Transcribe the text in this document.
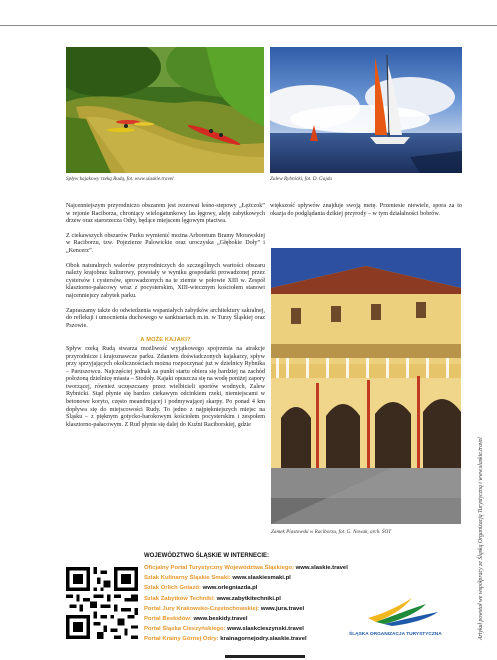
Spływ kajakowy rzeką Rudą, fot. www.slaskie.travel	Zalew Rybnicki, fot. D. Gajda
Zamek Piastowski w Raciborzu, fot. G. Nowak, arch. ŚOT

Najcenniejszym przyrodniczo obszarem jest rezerwat leśno-stepowy „Łężczok” w rejonie Raciborza, chroniący wielogatunkowy las łęgowy, aleję zabytkowych drzew oraz starorzecza Odry, będące miejscem lęgowym ptactwa.

Z ciekawszych obszarów Parku wymienić można Arboretum Bramy Morawskiej w Raciborzu, tzw. Pojezierze Palowickie oraz uroczyska „Głębokie Doły” i „Kencerz”.

Obok naturalnych walorów przyrodniczych do szczególnych wartości obszaru należy krajobraz kulturowy, powstały w wyniku gospodarki prowadzonej przez cystersów i cystersów, sprowadzonych na te ziemie w połowie XIII w. Zespół klasztorno-pałacowy wraz z pocysterskim, XIII-wiecznym kościołem stanowi najcenniejszy zabytek parku.

Zapraszamy także do odwiedzenia wspaniałych zabytków architektury sakralnej, do refleksji i umocnienia duchowego w sanktuariach m.in. w Turzy Śląskiej oraz Pszowie.

A MOŻE KAJAKI?

Spływ rzeką Rudą stwarza możliwość wyjątkowego spojrzenia na atrakcje przyrodnicze i krajoznawcze parku. Zdaniem doświadczonych kajakarzy, spływ przy sprzyjających okolicznościach można rozpoczynać już w dzielnicy Rybnika – Paruszowcu. Najczęściej jednak za punkt startu obiera się bardziej na zachód położoną dzielnicę miasta – Stodoły. Kajaki opuszcza się na wodę poniżej zapory tworzącej, również uczęszczany przez wielbicieli sportów wodnych, Zalew Rybnicki. Stąd płynie się bardzo ciekawym odcinkiem rzeki, niemiejscami w betonowe koryto, często meandrującej i podmywającej skarpy. Po ponad 4 km dopływa się do miejscowości Rudy. To jedno z najpiękniejszych miejsc na Śląsku – z pięknym gotycko-barokowym kościołem pocysterskim i zespołem klasztorno-pałacowym. Z Rud płynie się dalej do Kuźni Raciborskiej, gdzie

większość spływów znajduje swoją metę. Przeniesie niewiele, spora za to okazja do podglądania dzikiej przyrody – w tym działalności bobrów.

Artykuł powstał we współpracy ze Śląską Organizacją Turystyczną i www.slaskie.travel
WOJEWÓDZTWO ŚLĄSKIE W INTERNECIE:
Oficjalny Portal Turystyczny Województwa Śląskiego: www.slaskie.travel
Szlak Kulinarny Śląskie Smaki: www.slaskiesmaki.pl
Szlak Orlich Gniazd: www.orlegniazda.pl
Szlak Zabytków Techniki: www.zabytkitechniki.pl
Portal Jury Krakowsko-Częstochowskiej: www.jura.travel
Portal Beskidów: www.beskidy.travel
Portal Śląska Cieszyńskiego: www.slaskcieszynski.travel
Portal Krainy Górnej Odry: krainagornejodry.slaskie.travel
ŚLĄSKA ORGANIZACJA TURYSTYCZNA
